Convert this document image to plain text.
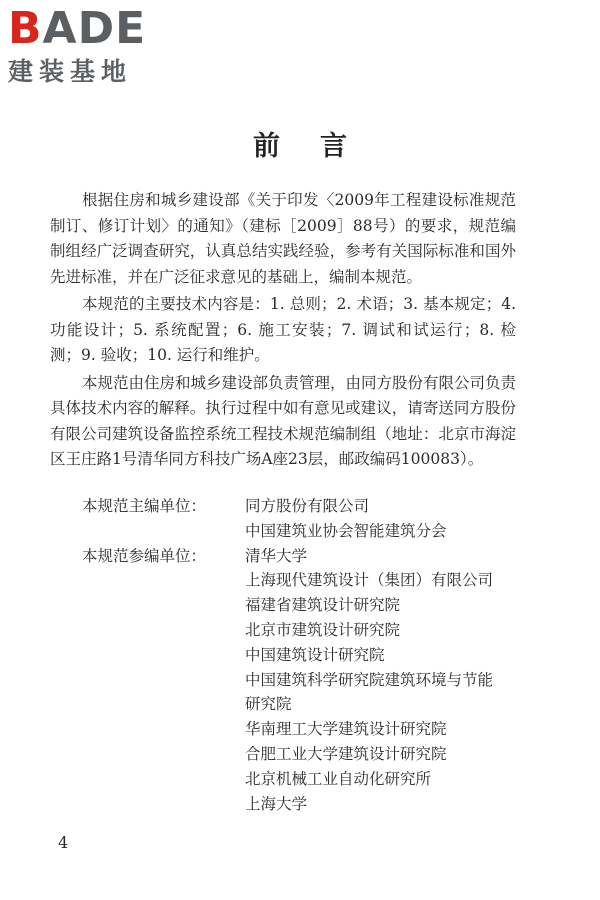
BADE
建装基地
前言

根据住房和城乡建设部《关于印发〈2009年工程建设标准规范制订、修订计划〉的通知》（建标［2009］88号）的要求，规范编制组经广泛调查研究，认真总结实践经验，参考有关国际标准和国外先进标准，并在广泛征求意见的基础上，编制本规范。

本规范的主要技术内容是：1. 总则；2. 术语；3. 基本规定；4. 功能设计；5. 系统配置；6. 施工安装；7. 调试和试运行；8. 检测；9. 验收；10. 运行和维护。

本规范由住房和城乡建设部负责管理，由同方股份有限公司负责具体技术内容的解释。执行过程中如有意见或建议，请寄送同方股份有限公司建筑设备监控系统工程技术规范编制组（地址：北京市海淀区王庄路1号清华同方科技广场A座23层，邮政编码100083）。

本规范主编单位：	同方股份有限公司
中国建筑业协会智能建筑分会
本规范参编单位：	清华大学
上海现代建筑设计（集团）有限公司
福建省建筑设计研究院
北京市建筑设计研究院
中国建筑设计研究院
中国建筑科学研究院建筑环境与节能
研究院
华南理工大学建筑设计研究院
合肥工业大学建筑设计研究院
北京机械工业自动化研究所
上海大学
4
